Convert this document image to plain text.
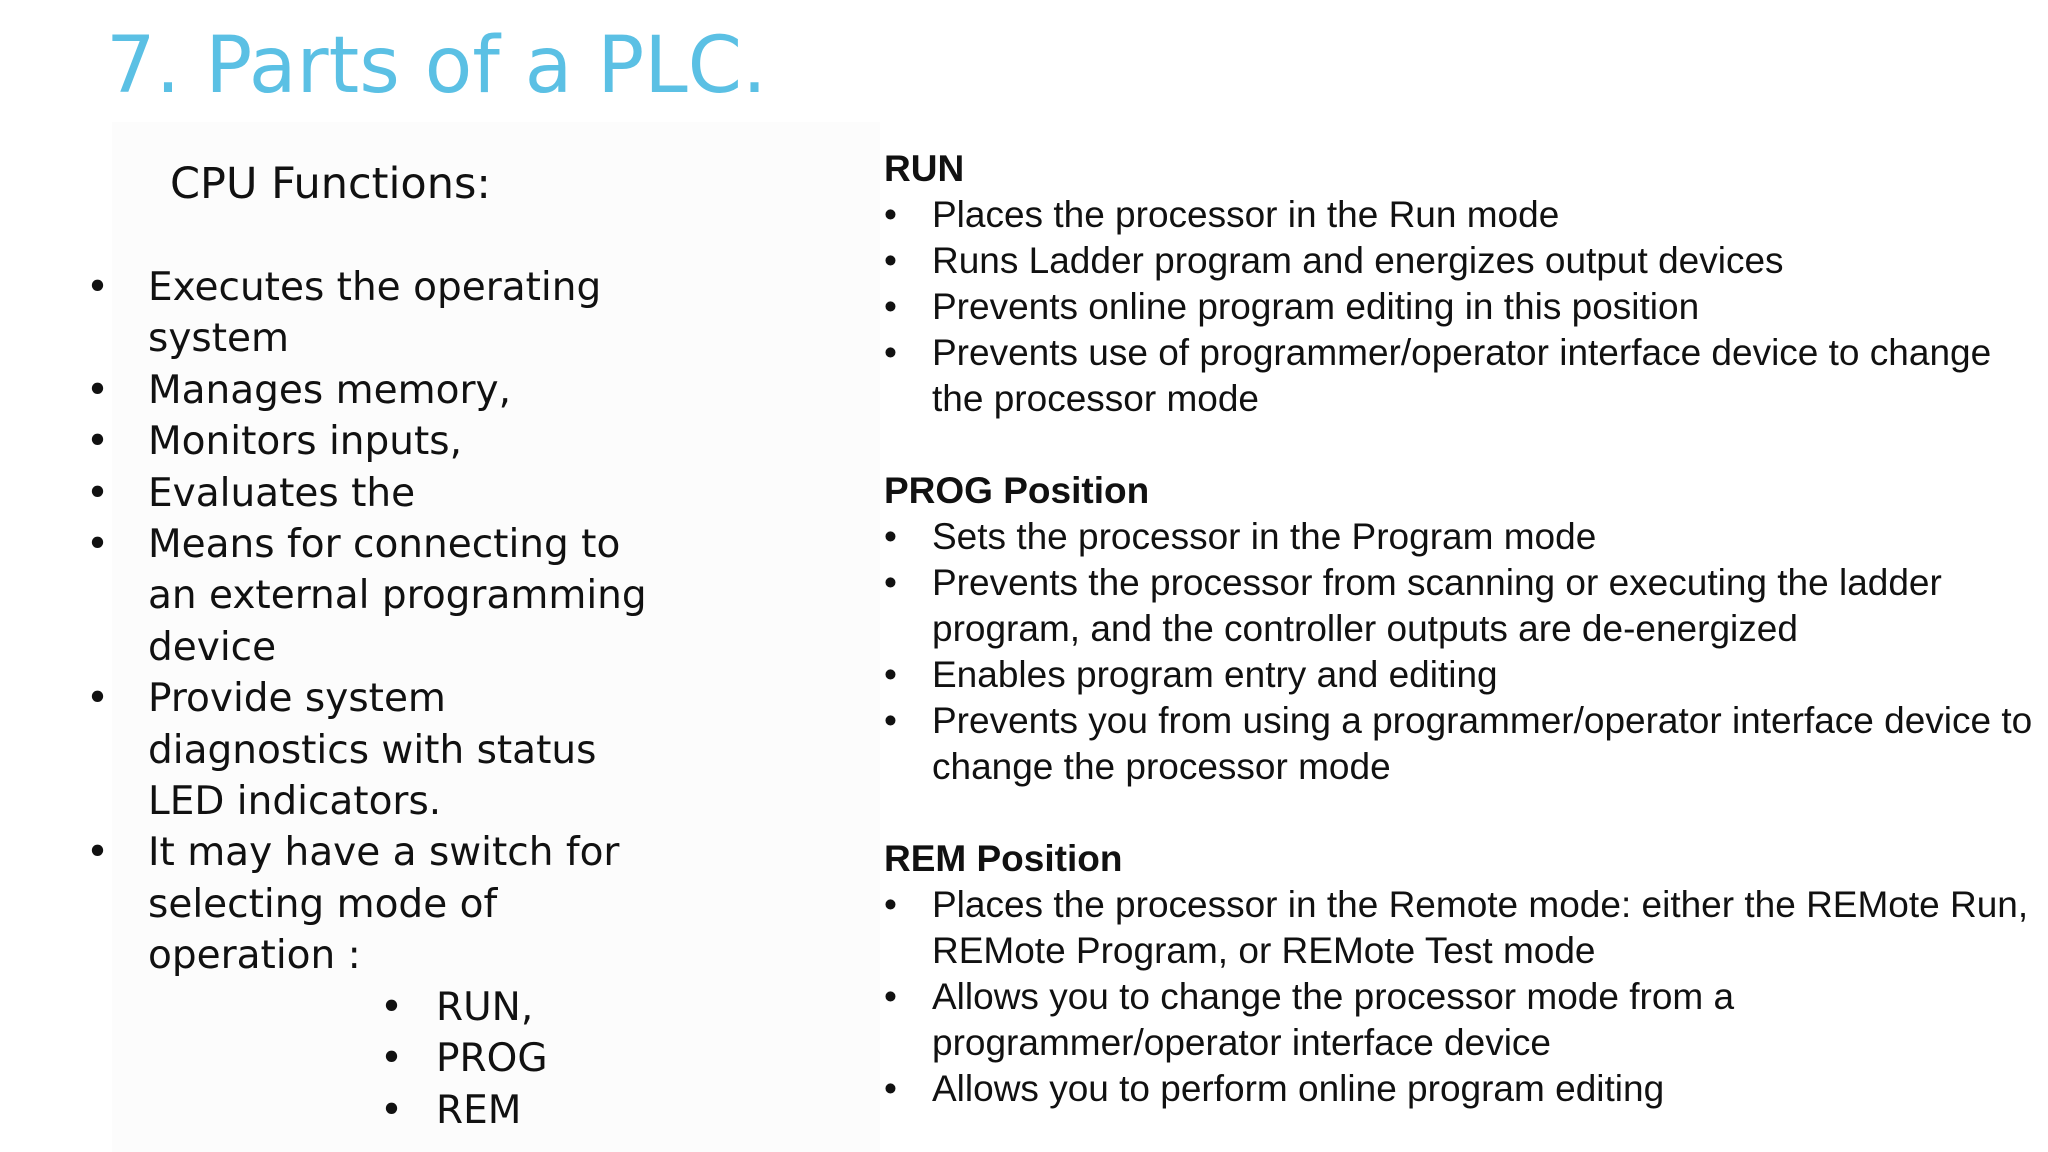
7. Parts of a PLC.
CPU Functions:
• Executes the operating system
• Manages memory,
• Monitors inputs,
• Evaluates the
• Means for connecting to an external programming device
• Provide system diagnostics with status LED indicators.
• It may have a switch for selecting mode of operation :
• RUN,
• PROG
• REM
RUN
• Places the processor in the Run mode
• Runs Ladder program and energizes output devices
• Prevents online program editing in this position
• Prevents use of programmer/operator interface device to change the processor mode
PROG Position
• Sets the processor in the Program mode
• Prevents the processor from scanning or executing the ladder program, and the controller outputs are de-energized
• Enables program entry and editing
• Prevents you from using a programmer/operator interface device to change the processor mode
REM Position
• Places the processor in the Remote mode: either the REMote Run, REMote Program, or REMote Test mode
• Allows you to change the processor mode from a programmer/operator interface device
• Allows you to perform online program editing
